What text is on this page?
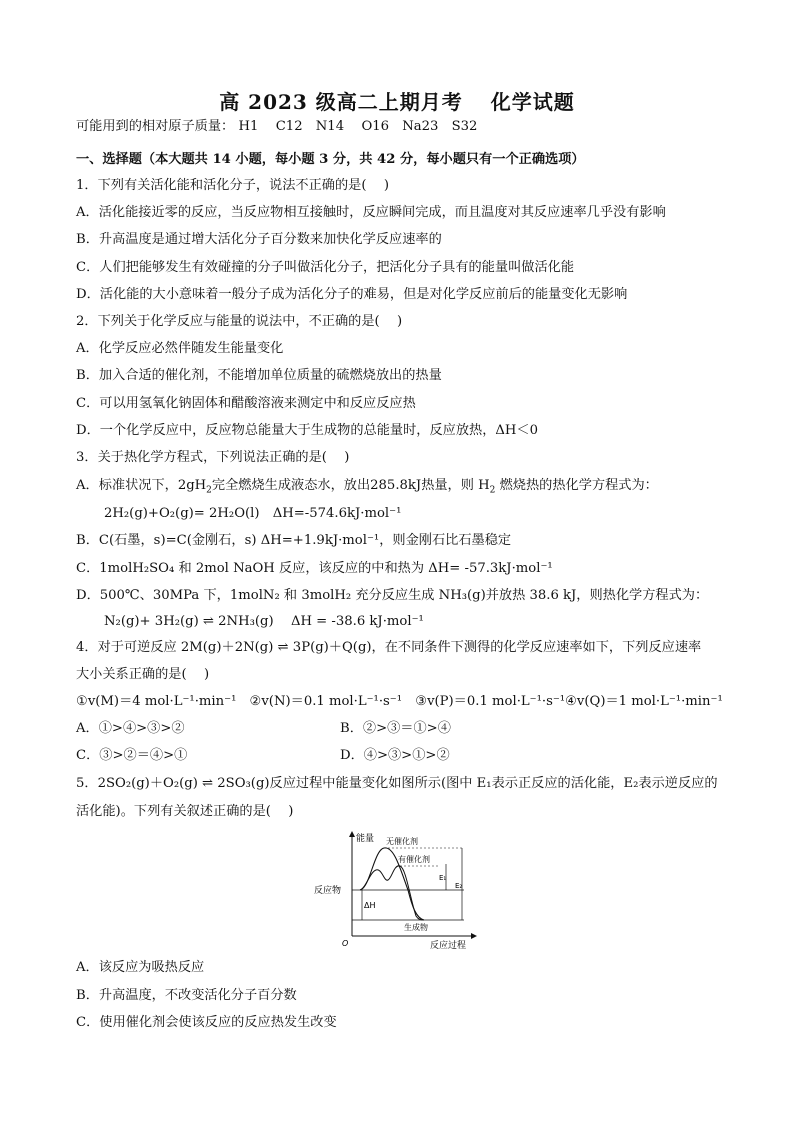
高 2023 级高二上期月考 化学试题
可能用到的相对原子质量： H1　 C12　N14　 O16　Na23　S32
一、选择题（本大题共 14 小题，每小题 3 分，共 42 分，每小题只有一个正确选项）
1．下列有关活化能和活化分子，说法不正确的是(　 )
A．活化能接近零的反应，当反应物相互接触时，反应瞬间完成，而且温度对其反应速率几乎没有影响
B．升高温度是通过增大活化分子百分数来加快化学反应速率的
C．人们把能够发生有效碰撞的分子叫做活化分子，把活化分子具有的能量叫做活化能
D．活化能的大小意味着一般分子成为活化分子的难易，但是对化学反应前后的能量变化无影响
2．下列关于化学反应与能量的说法中，不正确的是(　 )
A．化学反应必然伴随发生能量变化
B．加入合适的催化剂，不能增加单位质量的硫燃烧放出的热量
C．可以用氢氧化钠固体和醋酸溶液来测定中和反应反应热
D．一个化学反应中，反应物总能量大于生成物的总能量时，反应放热，ΔH＜0
3．关于热化学方程式，下列说法正确的是(　 )
A．标准状况下，$2gH_2$完全燃烧生成液态水，放出285.8kJ热量，则 $H_2$ 燃烧热的热化学方程式为：
2H₂(g)+O₂(g)= 2H₂O(l)　ΔH=-574.6kJ·mol⁻¹
B．C(石墨，s)=C(金刚石，s) ΔH=+1.9kJ·mol⁻¹，则金刚石比石墨稳定
C．1molH₂SO₄ 和 2mol NaOH 反应，该反应的中和热为 ΔH= -57.3kJ·mol⁻¹
D．500℃、30MPa 下，1molN₂ 和 3molH₂ 充分反应生成 NH₃(g)并放热 38.6 kJ，则热化学方程式为：
N₂(g)+ 3H₂(g) ⇌ 2NH₃(g)　 ΔH = -38.6 kJ·mol⁻¹
4．对于可逆反应 2M(g)＋2N(g) ⇌ 3P(g)＋Q(g)，在不同条件下测得的化学反应速率如下，下列反应速率
大小关系正确的是(　 )
①v(M)＝4 mol·L⁻¹·min⁻¹　②v(N)＝0.1 mol·L⁻¹·s⁻¹　③v(P)＝0.1 mol·L⁻¹·s⁻¹④v(Q)＝1 mol·L⁻¹·min⁻¹
A．①>④>③>②	B．②>③＝①>④
C．③>②＝④>①	D．④>③>①>②
5．2SO₂(g)＋O₂(g) ⇌ 2SO₃(g)反应过程中能量变化如图所示(图中 E₁表示正反应的活化能，E₂表示逆反应的
活化能)。下列有关叙述正确的是(　 )
能量 无催化剂
有催化剂
反应物
ΔH
E₁
E₂
生成物
O	反应过程
A．该反应为吸热反应
B．升高温度，不改变活化分子百分数
C．使用催化剂会使该反应的反应热发生改变
